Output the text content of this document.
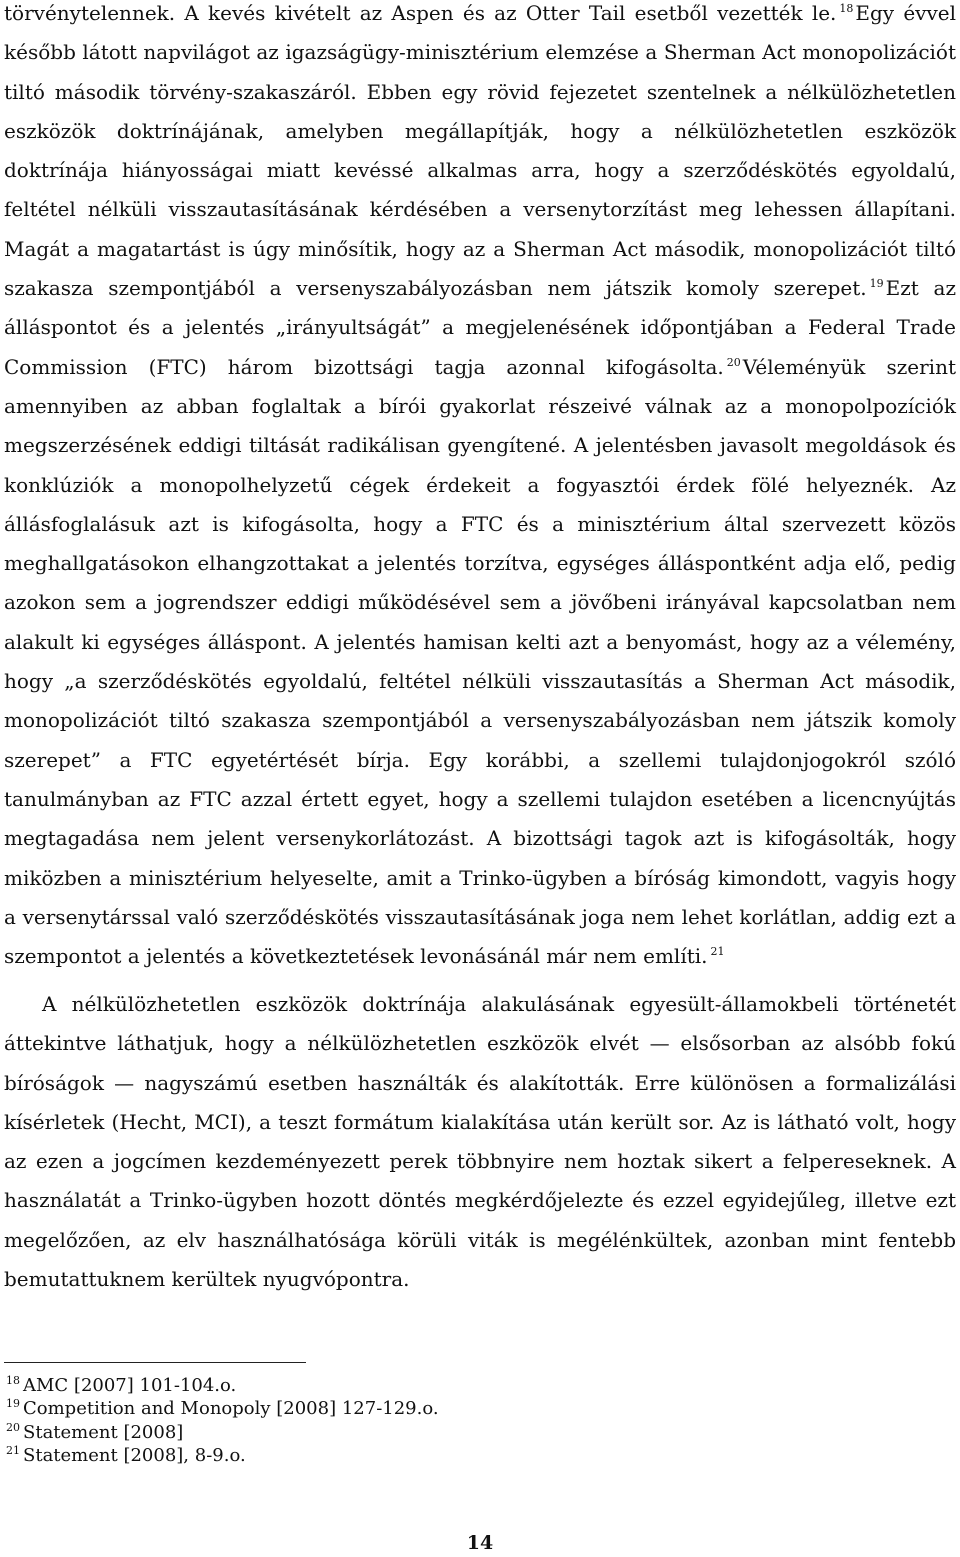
törvénytelennek. A kevés kivételt az Aspen és az Otter Tail esetből vezették le. $^{18}$ Egy évvel később látott napvilágot az igazságügy-minisztérium elemzése a Sherman Act monopolizációt tiltó második törvény-szakaszáról. Ebben egy rövid fejezetet szentelnek a nélkülözhetetlen eszközök doktrínájának, amelyben megállapítják, hogy a nélkülözhetetlen eszközök doktrínája hiányosságai miatt kevéssé alkalmas arra, hogy a szerződéskötés egyoldalú, feltétel nélküli visszautasításának kérdésében a versenytorzítást meg lehessen állapítani. Magát a magatartást is úgy minősítik, hogy az a Sherman Act második, monopolizációt tiltó szakasza szempontjából a versenyszabályozásban nem játszik komoly szerepet. $^{19}$ Ezt az álláspontot és a jelentés „irányultságát” a megjelenésének időpontjában a Federal Trade Commission (FTC) három bizottsági tagja azonnal kifogásolta. $^{20}$ Véleményük szerint amennyiben az abban foglaltak a bírói gyakorlat részeivé válnak az a monopolpozíciók megszerzésének eddigi tiltását radikálisan gyengítené. A jelentésben javasolt megoldások és konklúziók a monopolhelyzetű cégek érdekeit a fogyasztói érdek fölé helyeznék. Az állásfoglalásuk azt is kifogásolta, hogy a FTC és a minisztérium által szervezett közös meghallgatásokon elhangzottakat a jelentés torzítva, egységes álláspontként adja elő, pedig azokon sem a jogrendszer eddigi működésével sem a jövőbeni irányával kapcsolatban nem alakult ki egységes álláspont. A jelentés hamisan kelti azt a benyomást, hogy az a vélemény, hogy „a szerződéskötés egyoldalú, feltétel nélküli visszautasítás a Sherman Act második, monopolizációt tiltó szakasza szempontjából a versenyszabályozásban nem játszik komoly szerepet” a FTC egyetértését bírja. Egy korábbi, a szellemi tulajdonjogokról szóló tanulmányban az FTC azzal értett egyet, hogy a szellemi tulajdon esetében a licencnyújtás megtagadása nem jelent versenykorlátozást. A bizottsági tagok azt is kifogásolták, hogy miközben a minisztérium helyeselte, amit a Trinko-ügyben a bíróság kimondott, vagyis hogy a versenytárssal való szerződéskötés visszautasításának joga nem lehet korlátlan, addig ezt a szempontot a jelentés a következtetések levonásánál már nem említi. $^{21}$

A nélkülözhetetlen eszközök doktrínája alakulásának egyesült-államokbeli történetét áttekintve láthatjuk, hogy a nélkülözhetetlen eszközök elvét — elsősorban az alsóbb fokú bíróságok — nagyszámú esetben használták és alakították. Erre különösen a formalizálási kísérletek (Hecht, MCI), a teszt formátum kialakítása után került sor. Az is látható volt, hogy az ezen a jogcímen kezdeményezett perek többnyire nem hoztak sikert a felpereseknek. A használatát a Trinko-ügyben hozott döntés megkérdőjelezte és ezzel egyidejűleg, illetve ezt megelőzően, az elv használhatósága körüli viták is megélénkültek, azonban mint fentebb bemutattuknem kerültek nyugvópontra.

$^{18}$ AMC [2007] 101-104.o.
$^{19}$ Competition and Monopoly [2008] 127-129.o.
$^{20}$ Statement [2008]
$^{21}$ Statement [2008], 8-9.o.
14
